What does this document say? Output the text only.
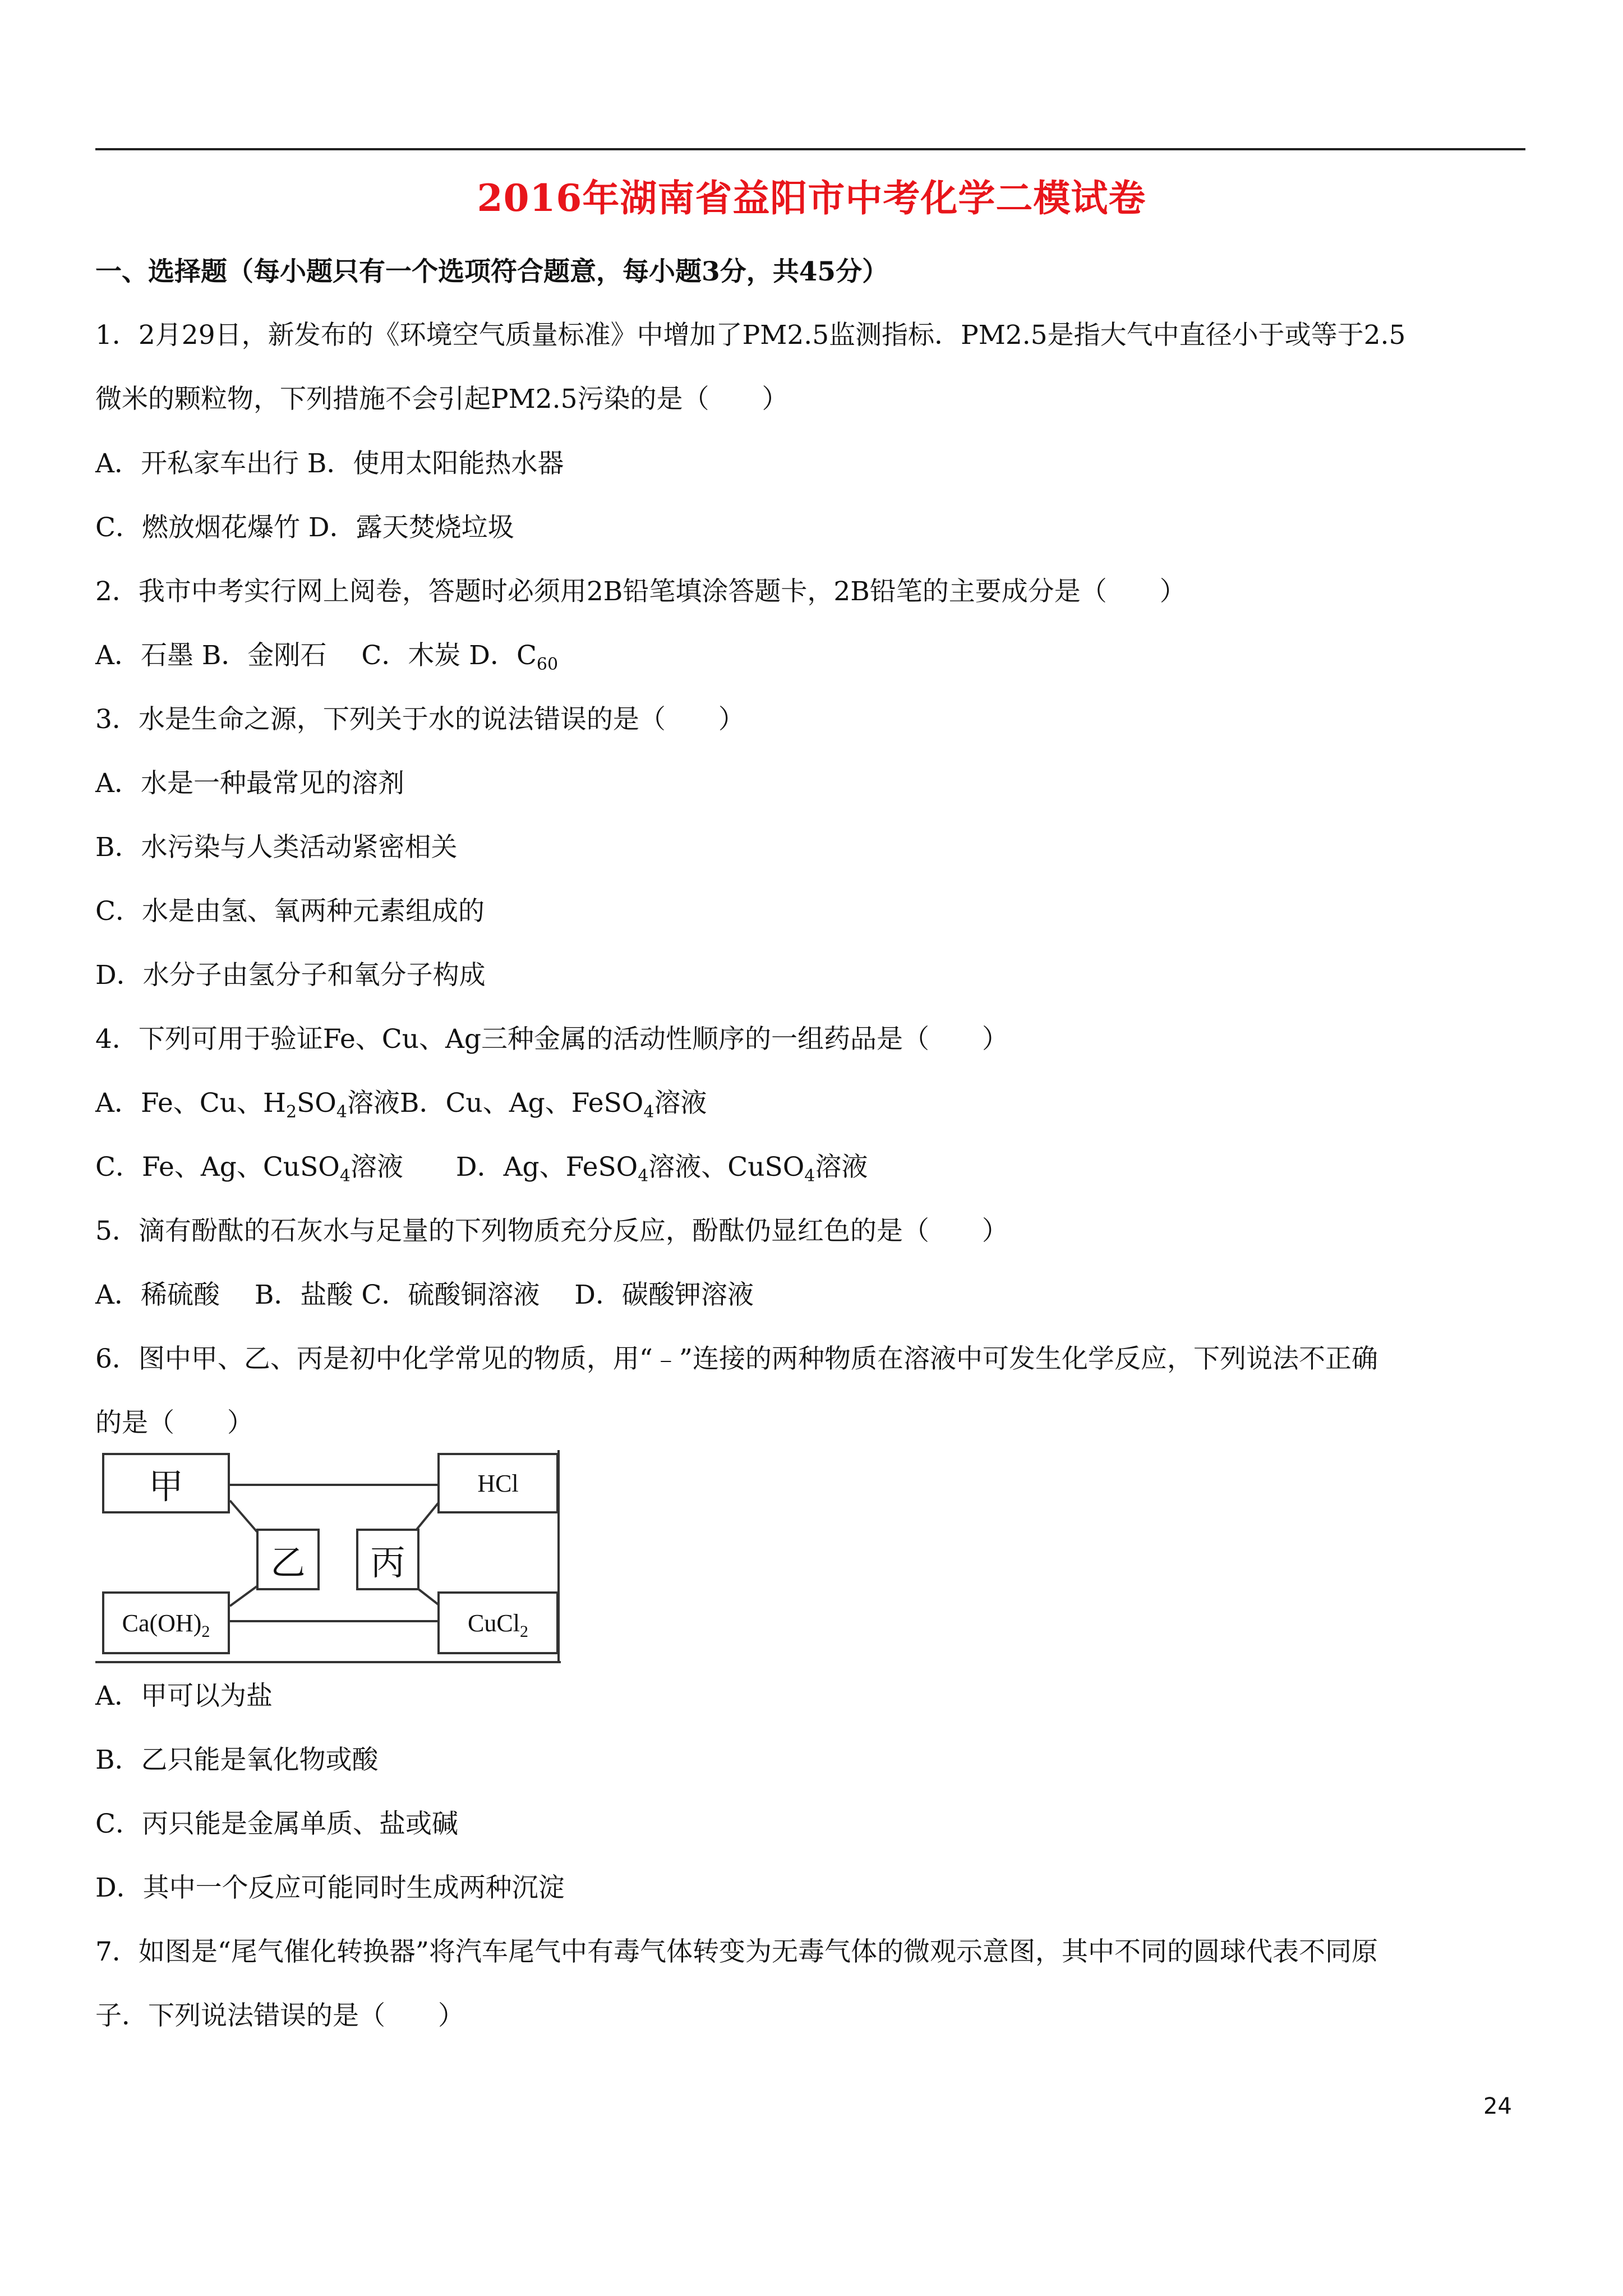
2016年湖南省益阳市中考化学二模试卷
一、选择题（每小题只有一个选项符合题意，每小题3分，共45分）
1．2月29日，新发布的《环境空气质量标准》中增加了PM2.5监测指标．PM2.5是指大气中直径小于或等于2.5
微米的颗粒物，下列措施不会引起PM2.5污染的是（　　）
A．开私家车出行 B．使用太阳能热水器
C．燃放烟花爆竹 D．露天焚烧垃圾
2．我市中考实行网上阅卷，答题时必须用2B铅笔填涂答题卡，2B铅笔的主要成分是（　　）
A．石墨 B．金刚石　 C．木炭 D．$C_{60}$
3．水是生命之源，下列关于水的说法错误的是（　　）
A．水是一种最常见的溶剂
B．水污染与人类活动紧密相关
C．水是由氢、氧两种元素组成的
D．水分子由氢分子和氧分子构成
4．下列可用于验证Fe、Cu、Ag三种金属的活动性顺序的一组药品是（　　）
A．Fe、Cu、$H_2SO_4$溶液B．Cu、Ag、FeSO$_4$溶液
C．Fe、Ag、CuSO$_4$溶液　　D．Ag、FeSO$_4$溶液、CuSO$_4$溶液
5．滴有酚酞的石灰水与足量的下列物质充分反应，酚酞仍显红色的是（　　）
A．稀硫酸　 B．盐酸 C．硫酸铜溶液　 D．碳酸钾溶液
6．图中甲、乙、丙是初中化学常见的物质，用“﹣”连接的两种物质在溶液中可发生化学反应，下列说法不正确
的是（　　）
甲	HCl
乙 丙
$Ca(OH)_2$	CuCl$_2$
A．甲可以为盐
B．乙只能是氧化物或酸
C．丙只能是金属单质、盐或碱
D．其中一个反应可能同时生成两种沉淀
7．如图是“尾气催化转换器”将汽车尾气中有毒气体转变为无毒气体的微观示意图，其中不同的圆球代表不同原
子．下列说法错误的是（　　）
24
